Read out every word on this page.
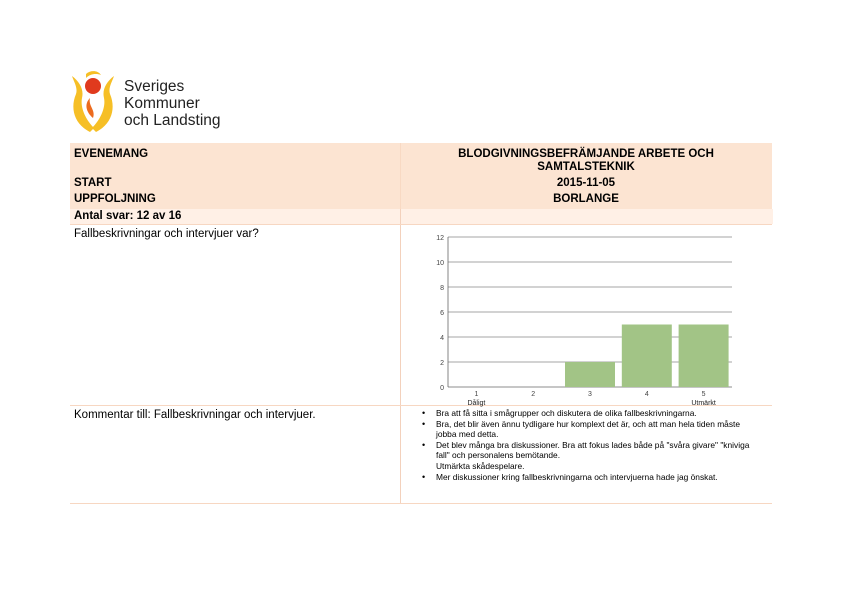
Sveriges
Kommuner
och Landsting
EVENEMANG	BLODGIVNINGSBEFRÄMJANDE ARBETE OCH
SAMTALSTEKNIK
START	2015-11-05
UPPFOLJNING	BORLANGE
Antal svar: 12 av 16
Fallbeskrivningar och intervjuer var?
0
2
4
6
8
10
12
1
Dåligt
2	3	4	5
Utmärkt
Kommentar till: Fallbeskrivningar och intervjuer.
•	Bra att få sitta i smågrupper och diskutera de olika fallbeskrivningarna.
• Bra, det blir även ännu tydligare hur komplext det är, och att man hela tiden måste jobba med detta.
• Det blev många bra diskussioner. Bra att fokus lades både på "svåra givare" "kniviga fall" och personalens bemötande.
Utmärkta skådespelare.
• Mer diskussioner kring fallbeskrivningarna och intervjuerna hade jag önskat.
